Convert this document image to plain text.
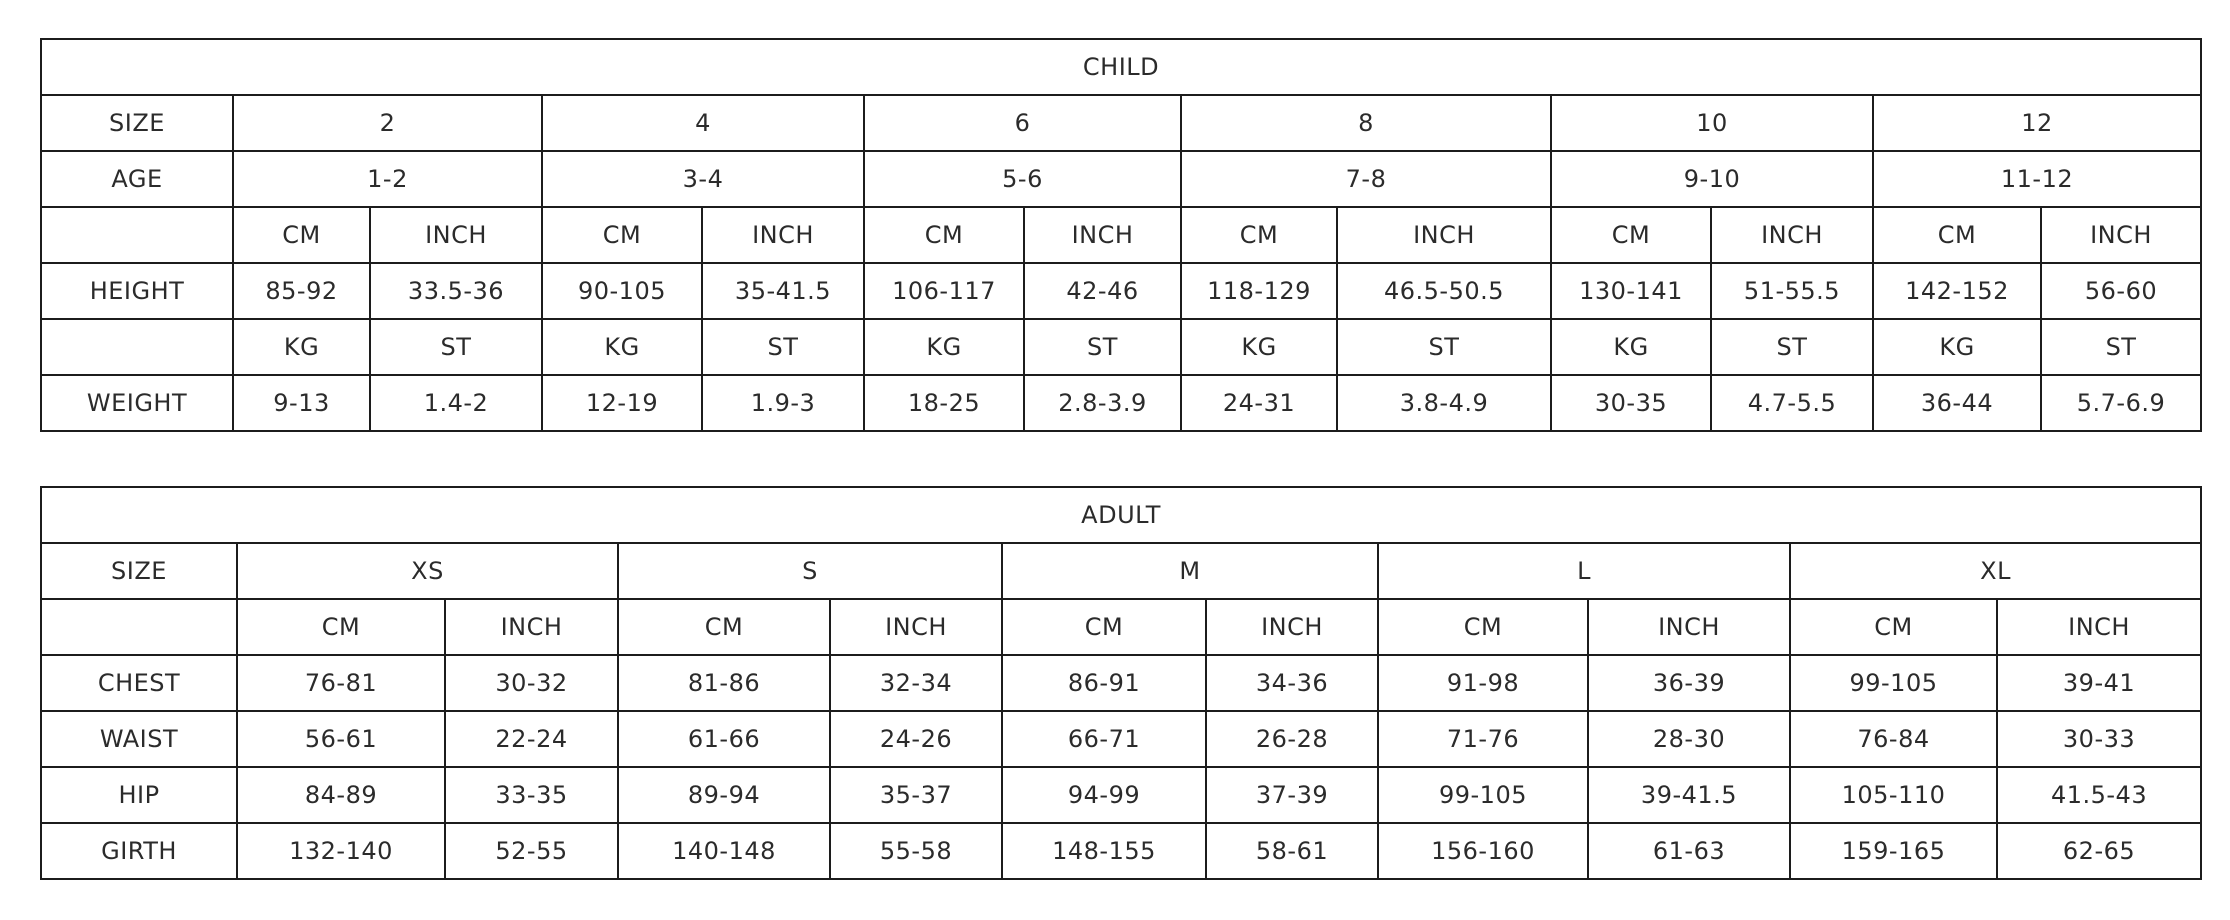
CHILD												
SIZE	2		4		6		8		10		12	
AGE	1-2		3-4		5-6		7-8		9-10		11-12	
	CM	INCH	CM	INCH	CM	INCH	CM	INCH	CM	INCH	CM	INCH
HEIGHT	85-92	33.5-36	90-105	35-41.5	106-117	42-46	118-129	46.5-50.5	130-141	51-55.5	142-152	56-60
	KG	ST	KG	ST	KG	ST	KG	ST	KG	ST	KG	ST
WEIGHT	9-13	1.4-2	12-19	1.9-3	18-25	2.8-3.9	24-31	3.8-4.9	30-35	4.7-5.5	36-44	5.7-6.9
ADULT										
SIZE	XS		S		M		L		XL	
	CM	INCH	CM	INCH	CM	INCH	CM	INCH	CM	INCH
CHEST	76-81	30-32	81-86	32-34	86-91	34-36	91-98	36-39	99-105	39-41
WAIST	56-61	22-24	61-66	24-26	66-71	26-28	71-76	28-30	76-84	30-33
HIP	84-89	33-35	89-94	35-37	94-99	37-39	99-105	39-41.5	105-110	41.5-43
GIRTH	132-140	52-55	140-148	55-58	148-155	58-61	156-160	61-63	159-165	62-65
